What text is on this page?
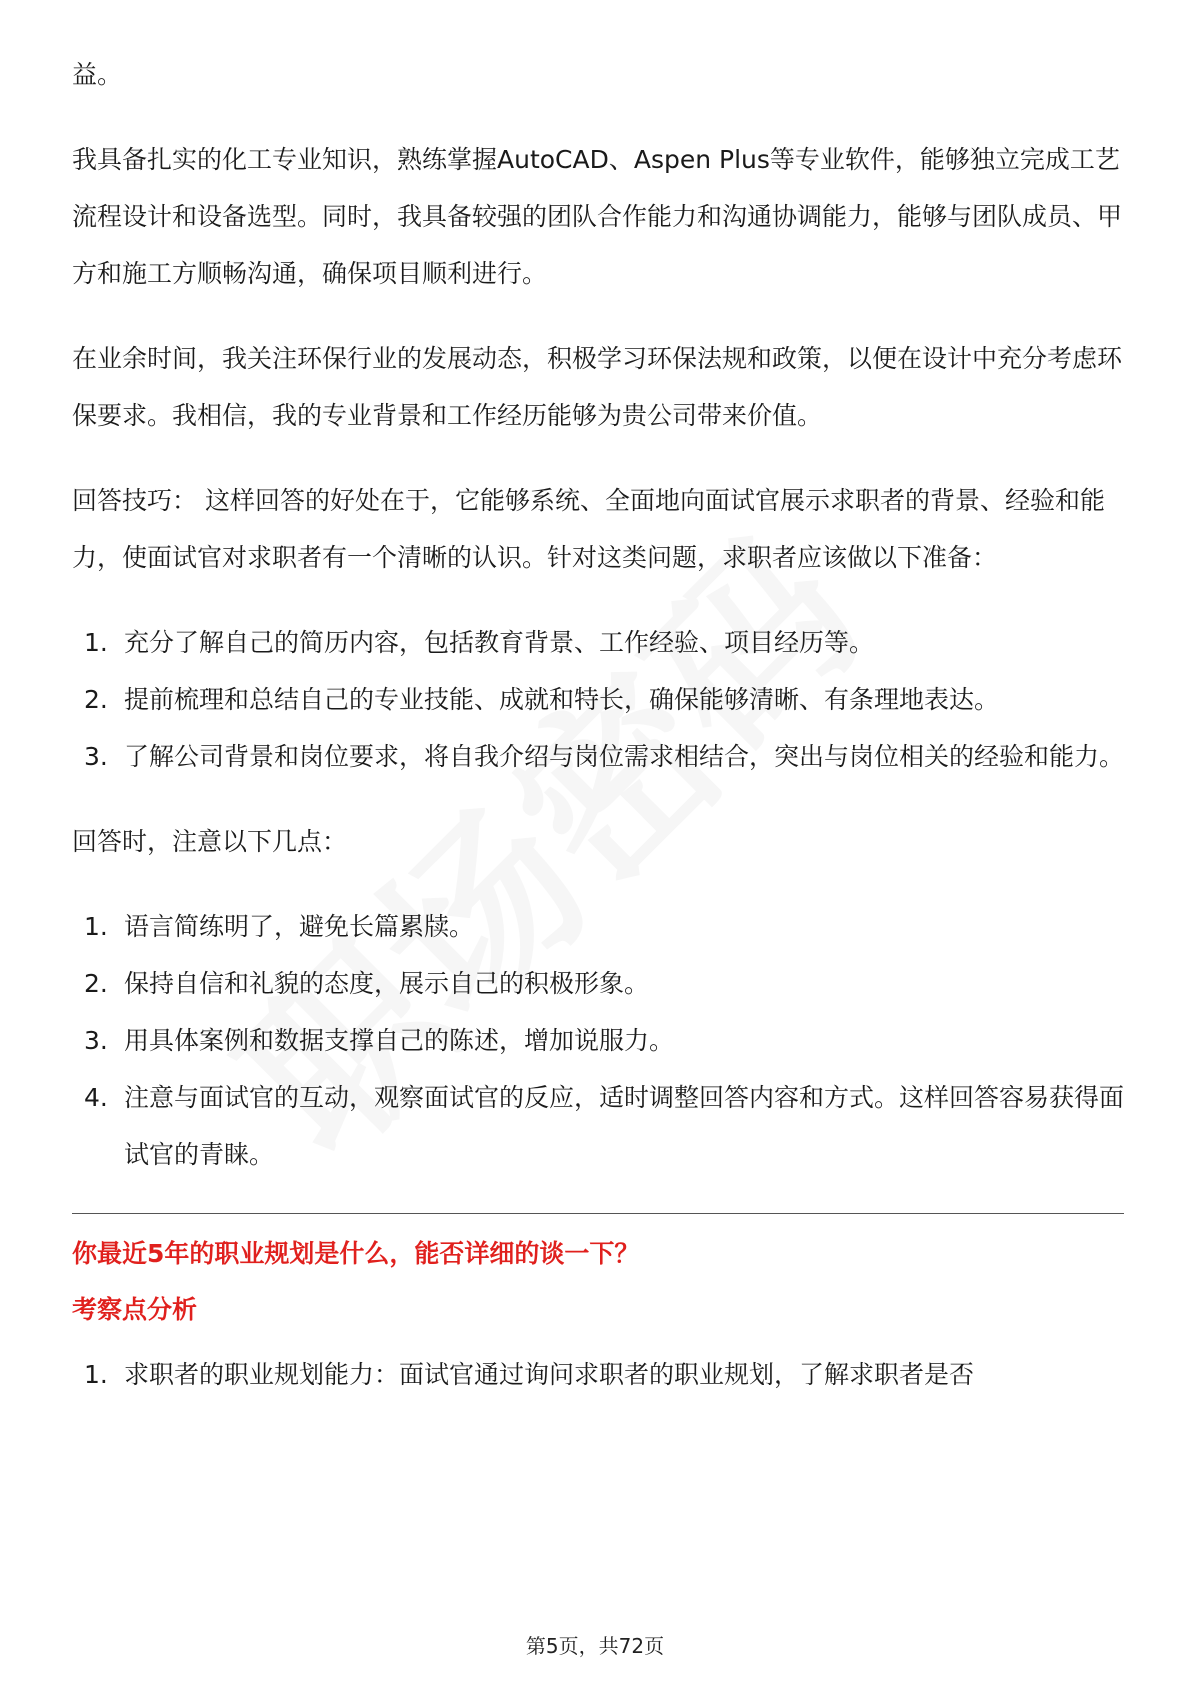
益。

我具备扎实的化工专业知识，熟练掌握AutoCAD、Aspen Plus等专业软件，能够独立完成工艺流程设计和设备选型。同时，我具备较强的团队合作能力和沟通协调能力，能够与团队成员、甲方和施工方顺畅沟通，确保项目顺利进行。

在业余时间，我关注环保行业的发展动态，积极学习环保法规和政策，以便在设计中充分考虑环保要求。我相信，我的专业背景和工作经历能够为贵公司带来价值。

回答技巧： 这样回答的好处在于，它能够系统、全面地向面试官展示求职者的背景、经验和能力，使面试官对求职者有一个清晰的认识。针对这类问题，求职者应该做以下准备：

1. 充分了解自己的简历内容，包括教育背景、工作经验、项目经历等。
2. 提前梳理和总结自己的专业技能、成就和特长，确保能够清晰、有条理地表达。
3. 了解公司背景和岗位要求，将自我介绍与岗位需求相结合，突出与岗位相关的经验和能力。

回答时，注意以下几点：

1. 语言简练明了，避免长篇累牍。
2. 保持自信和礼貌的态度，展示自己的积极形象。
3. 用具体案例和数据支撑自己的陈述，增加说服力。
4. 注意与面试官的互动，观察面试官的反应，适时调整回答内容和方式。这样回答容易获得面试官的青睐。

你最近5年的职业规划是什么，能否详细的谈一下？

考察点分析

1. 求职者的职业规划能力：面试官通过询问求职者的职业规划，了解求职者是否
第5页，共72页
